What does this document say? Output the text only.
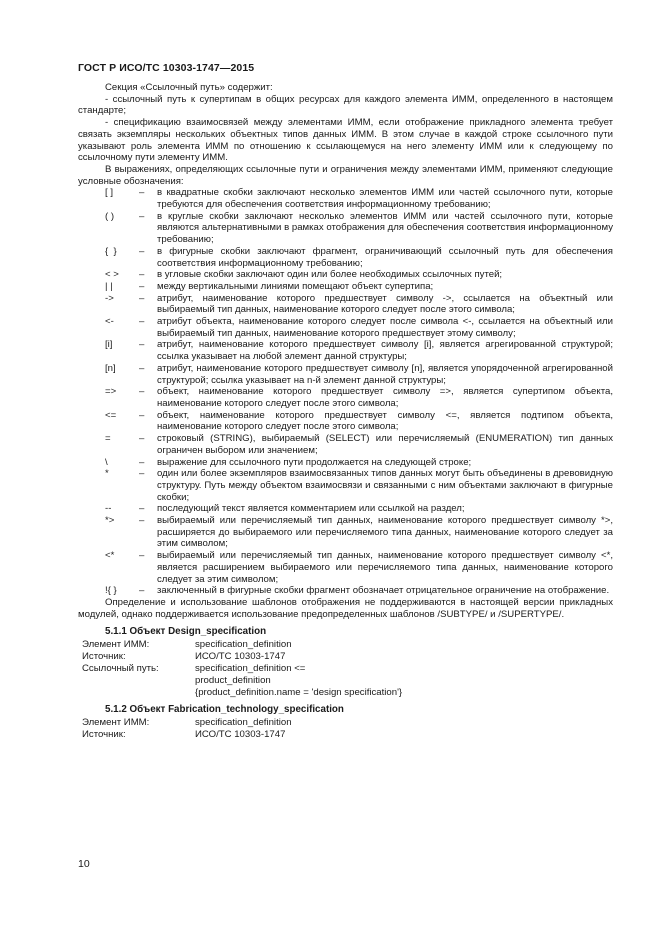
ГОСТ Р ИСО/ТС 10303-1747—2015

Секция «Ссылочный путь» содержит:

- ссылочный путь к супертипам в общих ресурсах для каждого элемента ИММ, определенного в настоящем стандарте;

- спецификацию взаимосвязей между элементами ИММ, если отображение прикладного элемента требует связать экземпляры нескольких объектных типов данных ИММ. В этом случае в каждой строке ссылочного пути указывают роль элемента ИММ по отношению к ссылающемуся на него элементу ИММ или к следующему по ссылочному пути элементу ИММ.

В выражениях, определяющих ссылочные пути и ограничения между элементами ИММ, применяют следующие условные обозначения:

[ ]	–	в квадратные скобки заключают несколько элементов ИММ или частей ссылочного пути, которые требуются для обеспечения соответствия информационному требованию;
( )	–	в круглые скобки заключают несколько элементов ИММ или частей ссылочного пути, которые являются альтернативными в рамках отображения для обеспечения соответствия информационному требованию;
{  }	–	в фигурные скобки заключают фрагмент, ограничивающий ссылочный путь для обеспечения соответствия информационному требованию;
< >	–	в угловые скобки заключают один или более необходимых ссылочных путей;
| |	–	между вертикальными линиями помещают объект супертипа;
->	–	атрибут, наименование которого предшествует символу ->, ссылается на объектный или выбираемый тип данных, наименование которого следует после этого символа;
<-	–	атрибут объекта, наименование которого следует после символа <-, ссылается на объектный или выбираемый тип данных, наименование которого предшествует этому символу;
[i]	–	атрибут, наименование которого предшествует символу [i], является агрегированной структурой; ссылка указывает на любой элемент данной структуры;
[n]	–	атрибут, наименование которого предшествует символу [n], является упорядоченной агрегированной структурой; ссылка указывает на n-й элемент данной структуры;
=>	–	объект, наименование которого предшествует символу =>, является супертипом объекта, наименование которого следует после этого символа;
<=	–	объект, наименование которого предшествует символу <=, является подтипом объекта, наименование которого следует после этого символа;
=	–	строковый (STRING), выбираемый (SELECT) или перечисляемый (ENUMERATION) тип данных ограничен выбором или значением;
\	–	выражение для ссылочного пути продолжается на следующей строке;
*	–	один или более экземпляров взаимосвязанных типов данных могут быть объединены в древовидную структуру. Путь между объектом взаимосвязи и связанными с ним объектами заключают в фигурные скобки;
--	–	последующий текст является комментарием или ссылкой на раздел;
*>	–	выбираемый или перечисляемый тип данных, наименование которого предшествует символу *>, расширяется до выбираемого или перечисляемого типа данных, наименование которого следует за этим символом;
<*	–	выбираемый или перечисляемый тип данных, наименование которого предшествует символу <*, является расширением выбираемого или перечисляемого типа данных, наименование которого следует за этим символом;
!{ }	–	заключенный в фигурные скобки фрагмент обозначает отрицательное ограничение на отображение.

Определение и использование шаблонов отображения не поддерживаются в настоящей версии прикладных модулей, однако поддерживается использование предопределенных шаблонов /SUBTYPE/ и /SUPERTYPE/.

5.1.1 Объект Design_specification
Элемент ИММ:	specification_definition
Источник:	ИСО/ТС 10303-1747
Ссылочный путь:	specification_definition <=
product_definition
{product_definition.name = 'design specification'}
5.1.2 Объект Fabrication_technology_specification
Элемент ИММ:	specification_definition
Источник:	ИСО/ТС 10303-1747
10
